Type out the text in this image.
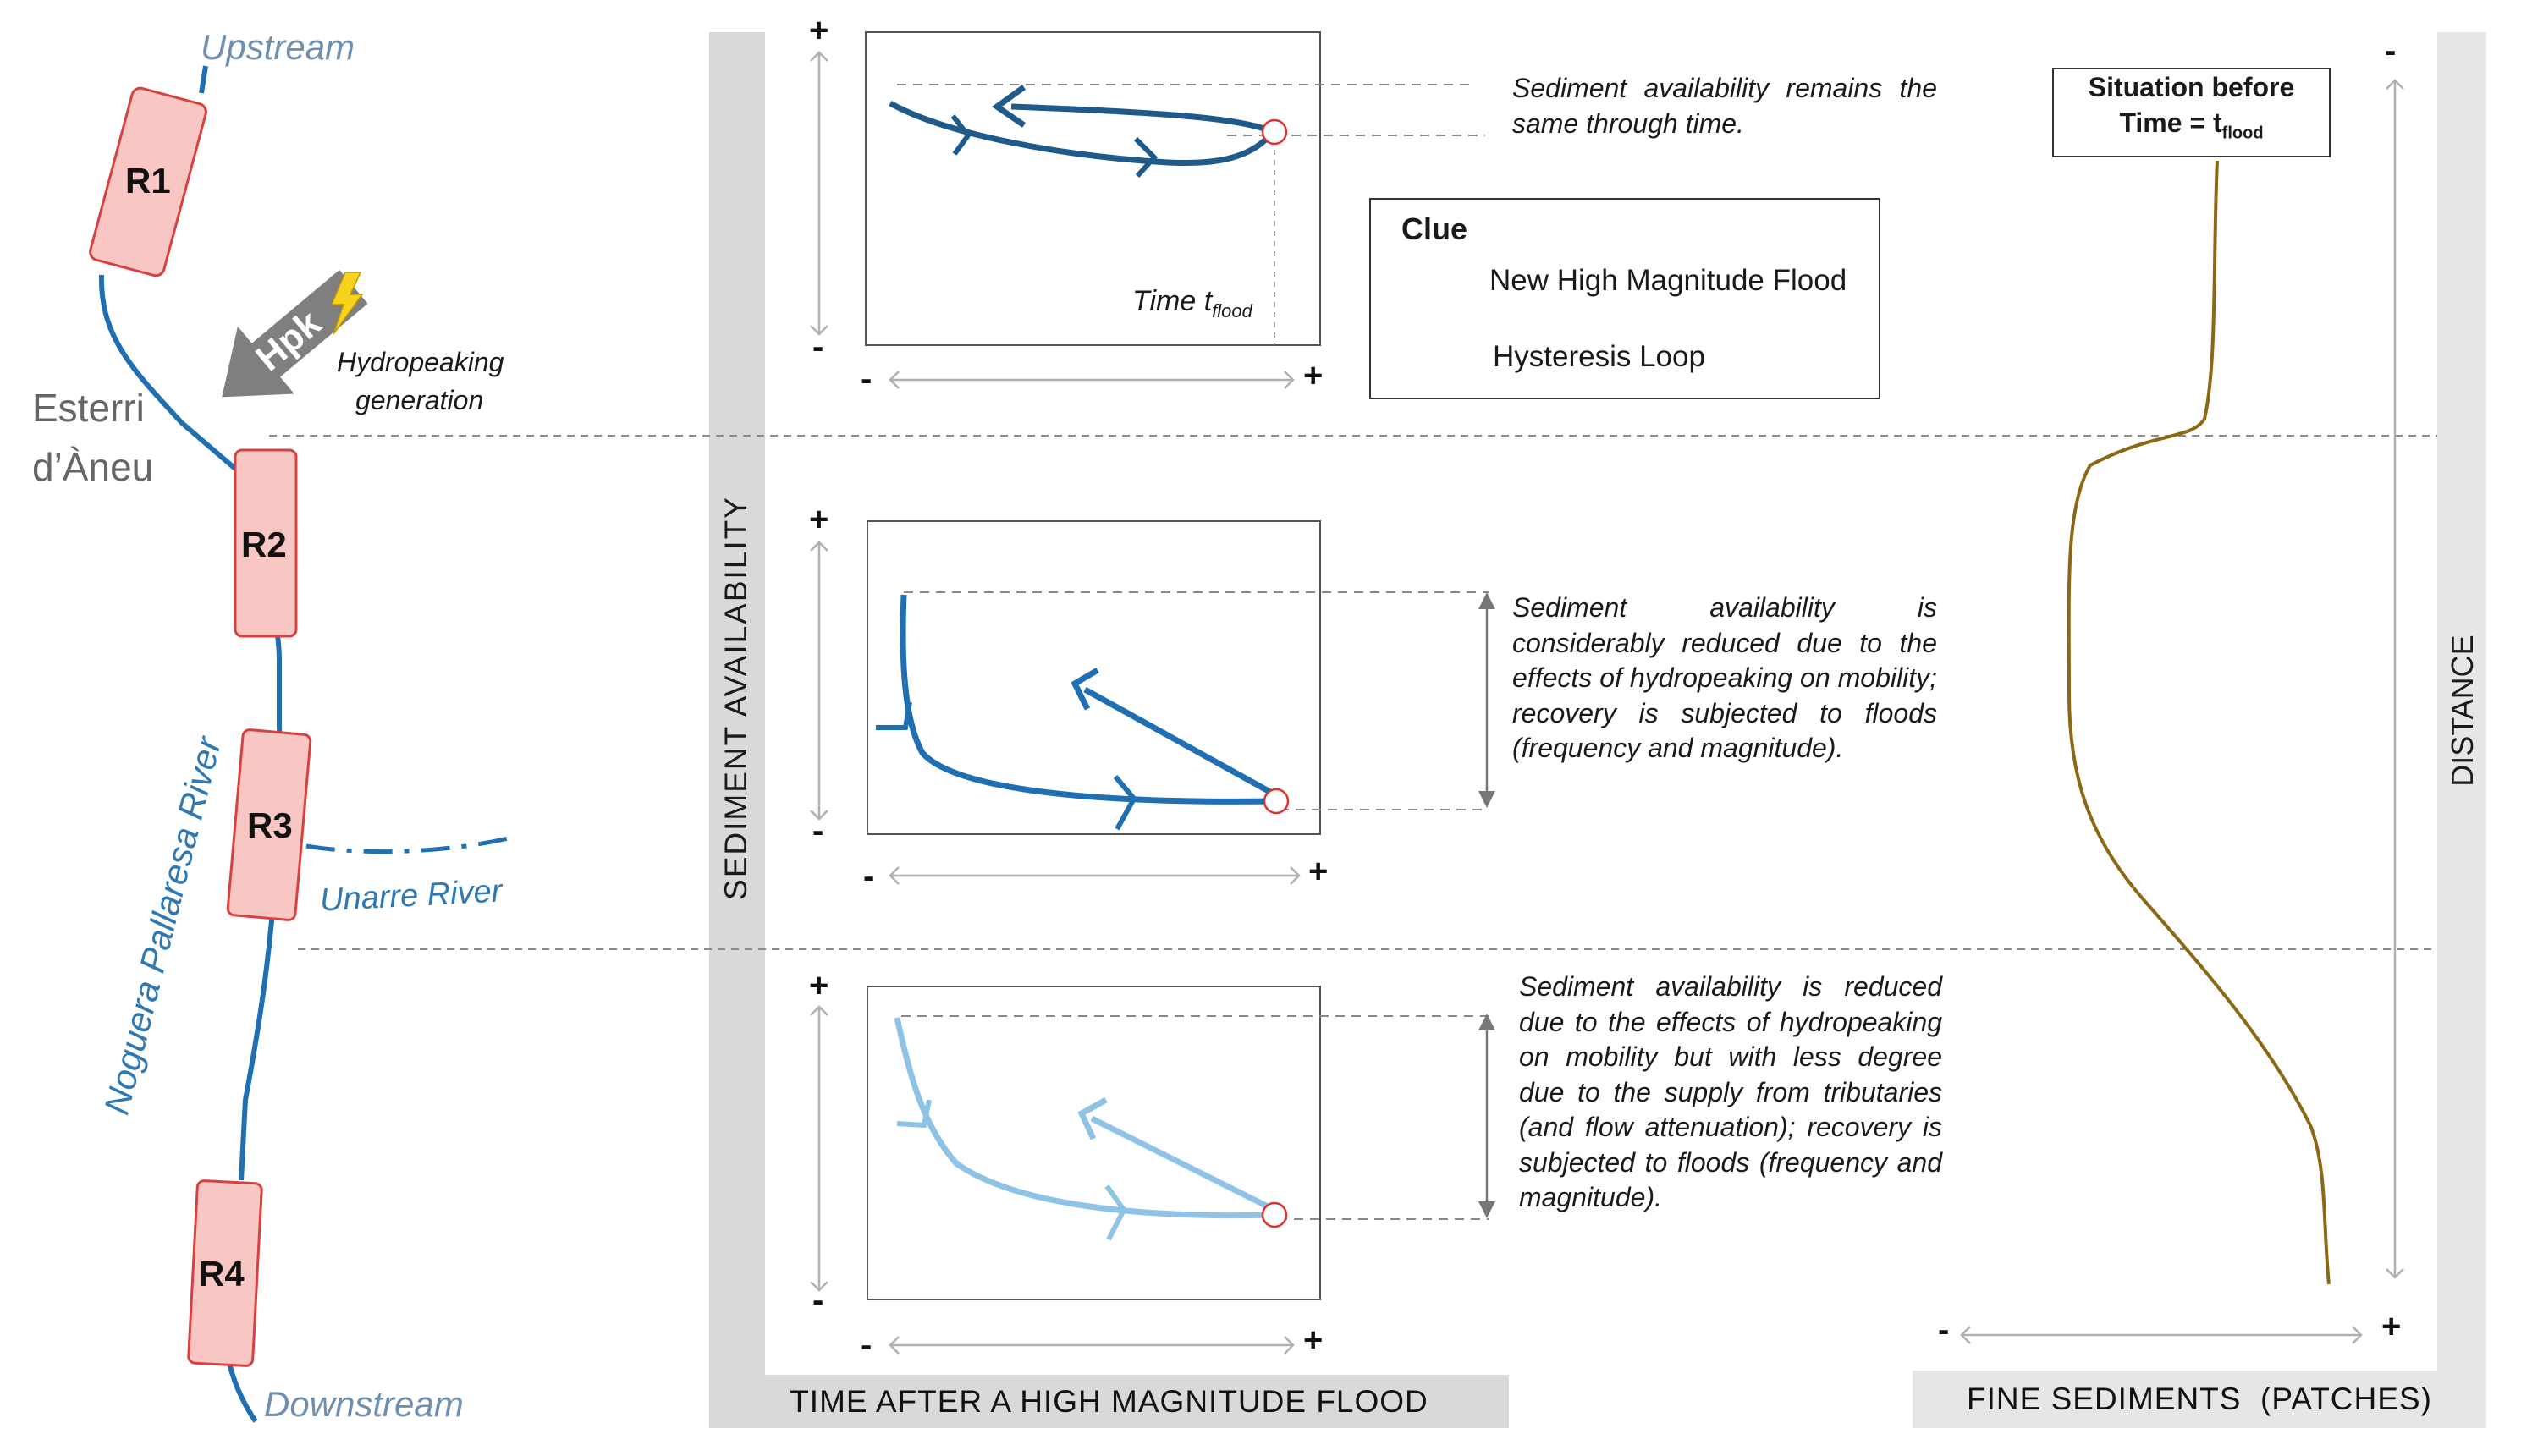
Hpk
Upstream
Downstream
Esterri
d’Àneu
Unarre River
Noguera Pallaresa River
Hydropeaking
generation
R1
R2
R3
R4
SEDIMENT AVAILABILITY
+
-
-	+
+
-
-	+
+
-
-	+
Time $t_{flood}$
Sediment availability remains the same through time.
Sediment availability is considerably reduced due to the effects of hydropeaking on mobility; recovery is subjected to floods (frequency and magnitude).
Sediment availability is reduced due to the effects of hydropeaking on mobility but with less degree due to the supply from tributaries (and flow attenuation); recovery is subjected to floods (frequency and magnitude).
Clue
New High Magnitude Flood
Hysteresis Loop
TIME AFTER A HIGH MAGNITUDE FLOOD	FINE SEDIMENTS  (PATCHES)
Situation before
Time = $t_{flood}$
-
-	+
DISTANCE
